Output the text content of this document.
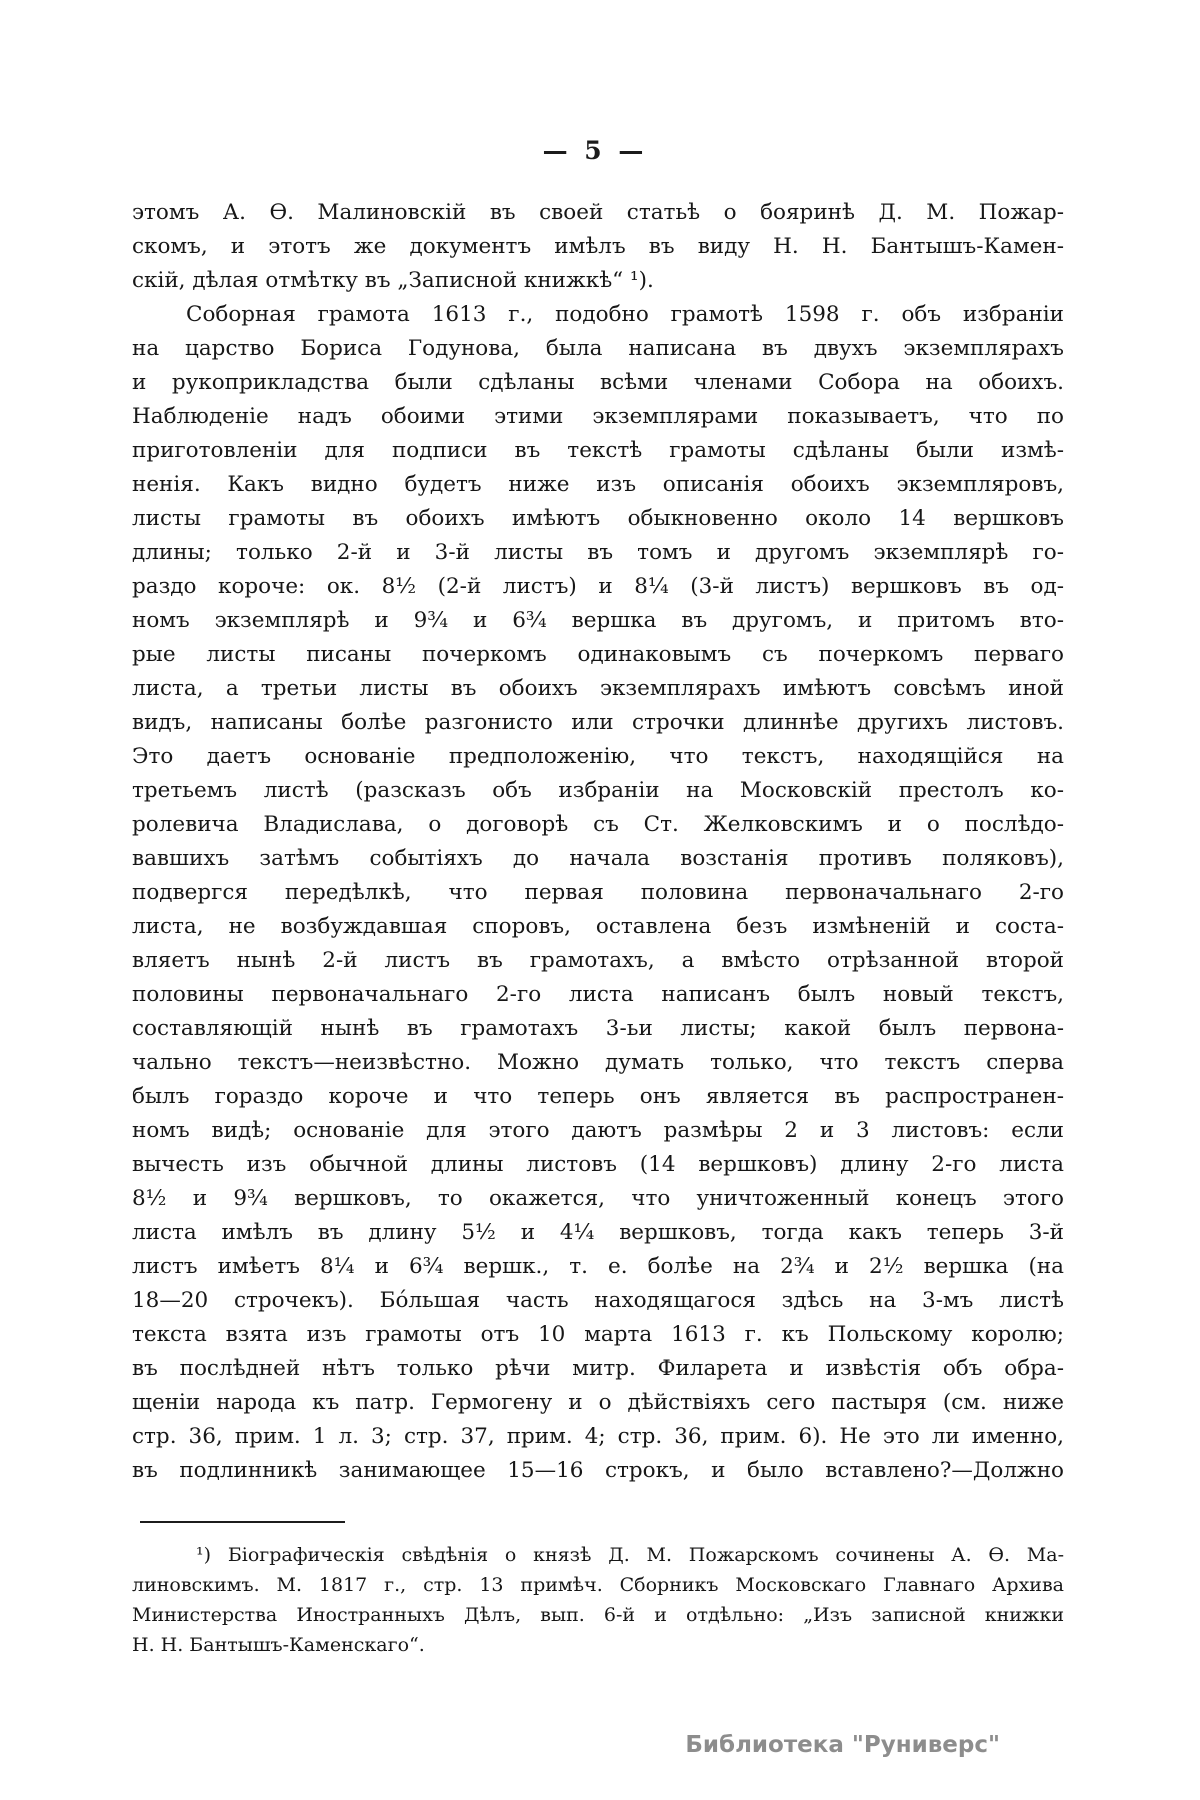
— 5 —
этомъ А. Ѳ. Малиновскій въ своей статьѣ о бояринѣ Д. М. Пожар-
скомъ, и этотъ же документъ имѣлъ въ виду Н. Н. Бантышъ-Камен-
скій, дѣлая отмѣтку въ „Записной книжкѣ“ ¹).
Соборная грамота 1613 г., подобно грамотѣ 1598 г. объ избраніи
на царство Бориса Годунова, была написана въ двухъ экземплярахъ
и рукоприкладства были сдѣланы всѣми членами Собора на обоихъ.
Наблюденіе надъ обоими этими экземплярами показываетъ, что по
приготовленіи для подписи въ текстѣ грамоты сдѣланы были измѣ-
ненія. Какъ видно будетъ ниже изъ описанія обоихъ экземпляровъ,
листы грамоты въ обоихъ имѣютъ обыкновенно около 14 вершковъ
длины; только 2-й и 3-й листы въ томъ и другомъ экземплярѣ го-
раздо короче: ок. 8½ (2-й листъ) и 8¼ (3-й листъ) вершковъ въ од-
номъ экземплярѣ и 9¾ и 6¾ вершка въ другомъ, и притомъ вто-
рые листы писаны почеркомъ одинаковымъ съ почеркомъ перваго
листа, а третьи листы въ обоихъ экземплярахъ имѣютъ совсѣмъ иной
видъ, написаны болѣе разгонисто или строчки длиннѣе другихъ листовъ.
Это даетъ основаніе предположенію, что текстъ, находящійся на
третьемъ листѣ (разсказъ объ избраніи на Московскій престолъ ко-
ролевича Владислава, о договорѣ съ Ст. Желковскимъ и о послѣдо-
вавшихъ затѣмъ событіяхъ до начала возстанія противъ поляковъ),
подвергся передѣлкѣ, что первая половина первоначальнаго 2-го
листа, не возбуждавшая споровъ, оставлена безъ измѣненій и соста-
вляетъ нынѣ 2-й листъ въ грамотахъ, а вмѣсто отрѣзанной второй
половины первоначальнаго 2-го листа написанъ былъ новый текстъ,
составляющій нынѣ въ грамотахъ 3-ьи листы; какой былъ первона-
чально текстъ—неизвѣстно. Можно думать только, что текстъ сперва
былъ гораздо короче и что теперь онъ является въ распространен-
номъ видѣ; основаніе для этого даютъ размѣры 2 и 3 листовъ: если
вычесть изъ обычной длины листовъ (14 вершковъ) длину 2-го листа
8½ и 9¾ вершковъ, то окажется, что уничтоженный конецъ этого
листа имѣлъ въ длину 5½ и 4¼ вершковъ, тогда какъ теперь 3-й
листъ имѣетъ 8¼ и 6¾ вершк., т. е. болѣе на 2¾ и 2½ вершка (на
18—20 строчекъ). Бо́льшая часть находящагося здѣсь на 3-мъ листѣ
текста взята изъ грамоты отъ 10 марта 1613 г. къ Польскому королю;
въ послѣдней нѣтъ только рѣчи митр. Филарета и извѣстія объ обра-
щеніи народа къ патр. Гермогену и о дѣйствіяхъ сего пастыря (см. ниже
стр. 36, прим. 1 л. 3; стр. 37, прим. 4; стр. 36, прим. 6). Не это ли именно,
въ подлинникѣ занимающее 15—16 строкъ, и было вставлено?—Должно
¹) Біографическія свѣдѣнія о князѣ Д. М. Пожарскомъ сочинены А. Ѳ. Ма-
линовскимъ. М. 1817 г., стр. 13 примѣч. Сборникъ Московскаго Главнаго Архива
Министерства Иностранныхъ Дѣлъ, вып. 6-й и отдѣльно: „Изъ записной книжки
Н. Н. Бантышъ-Каменскаго“.
Библиотека "Руниверс"
